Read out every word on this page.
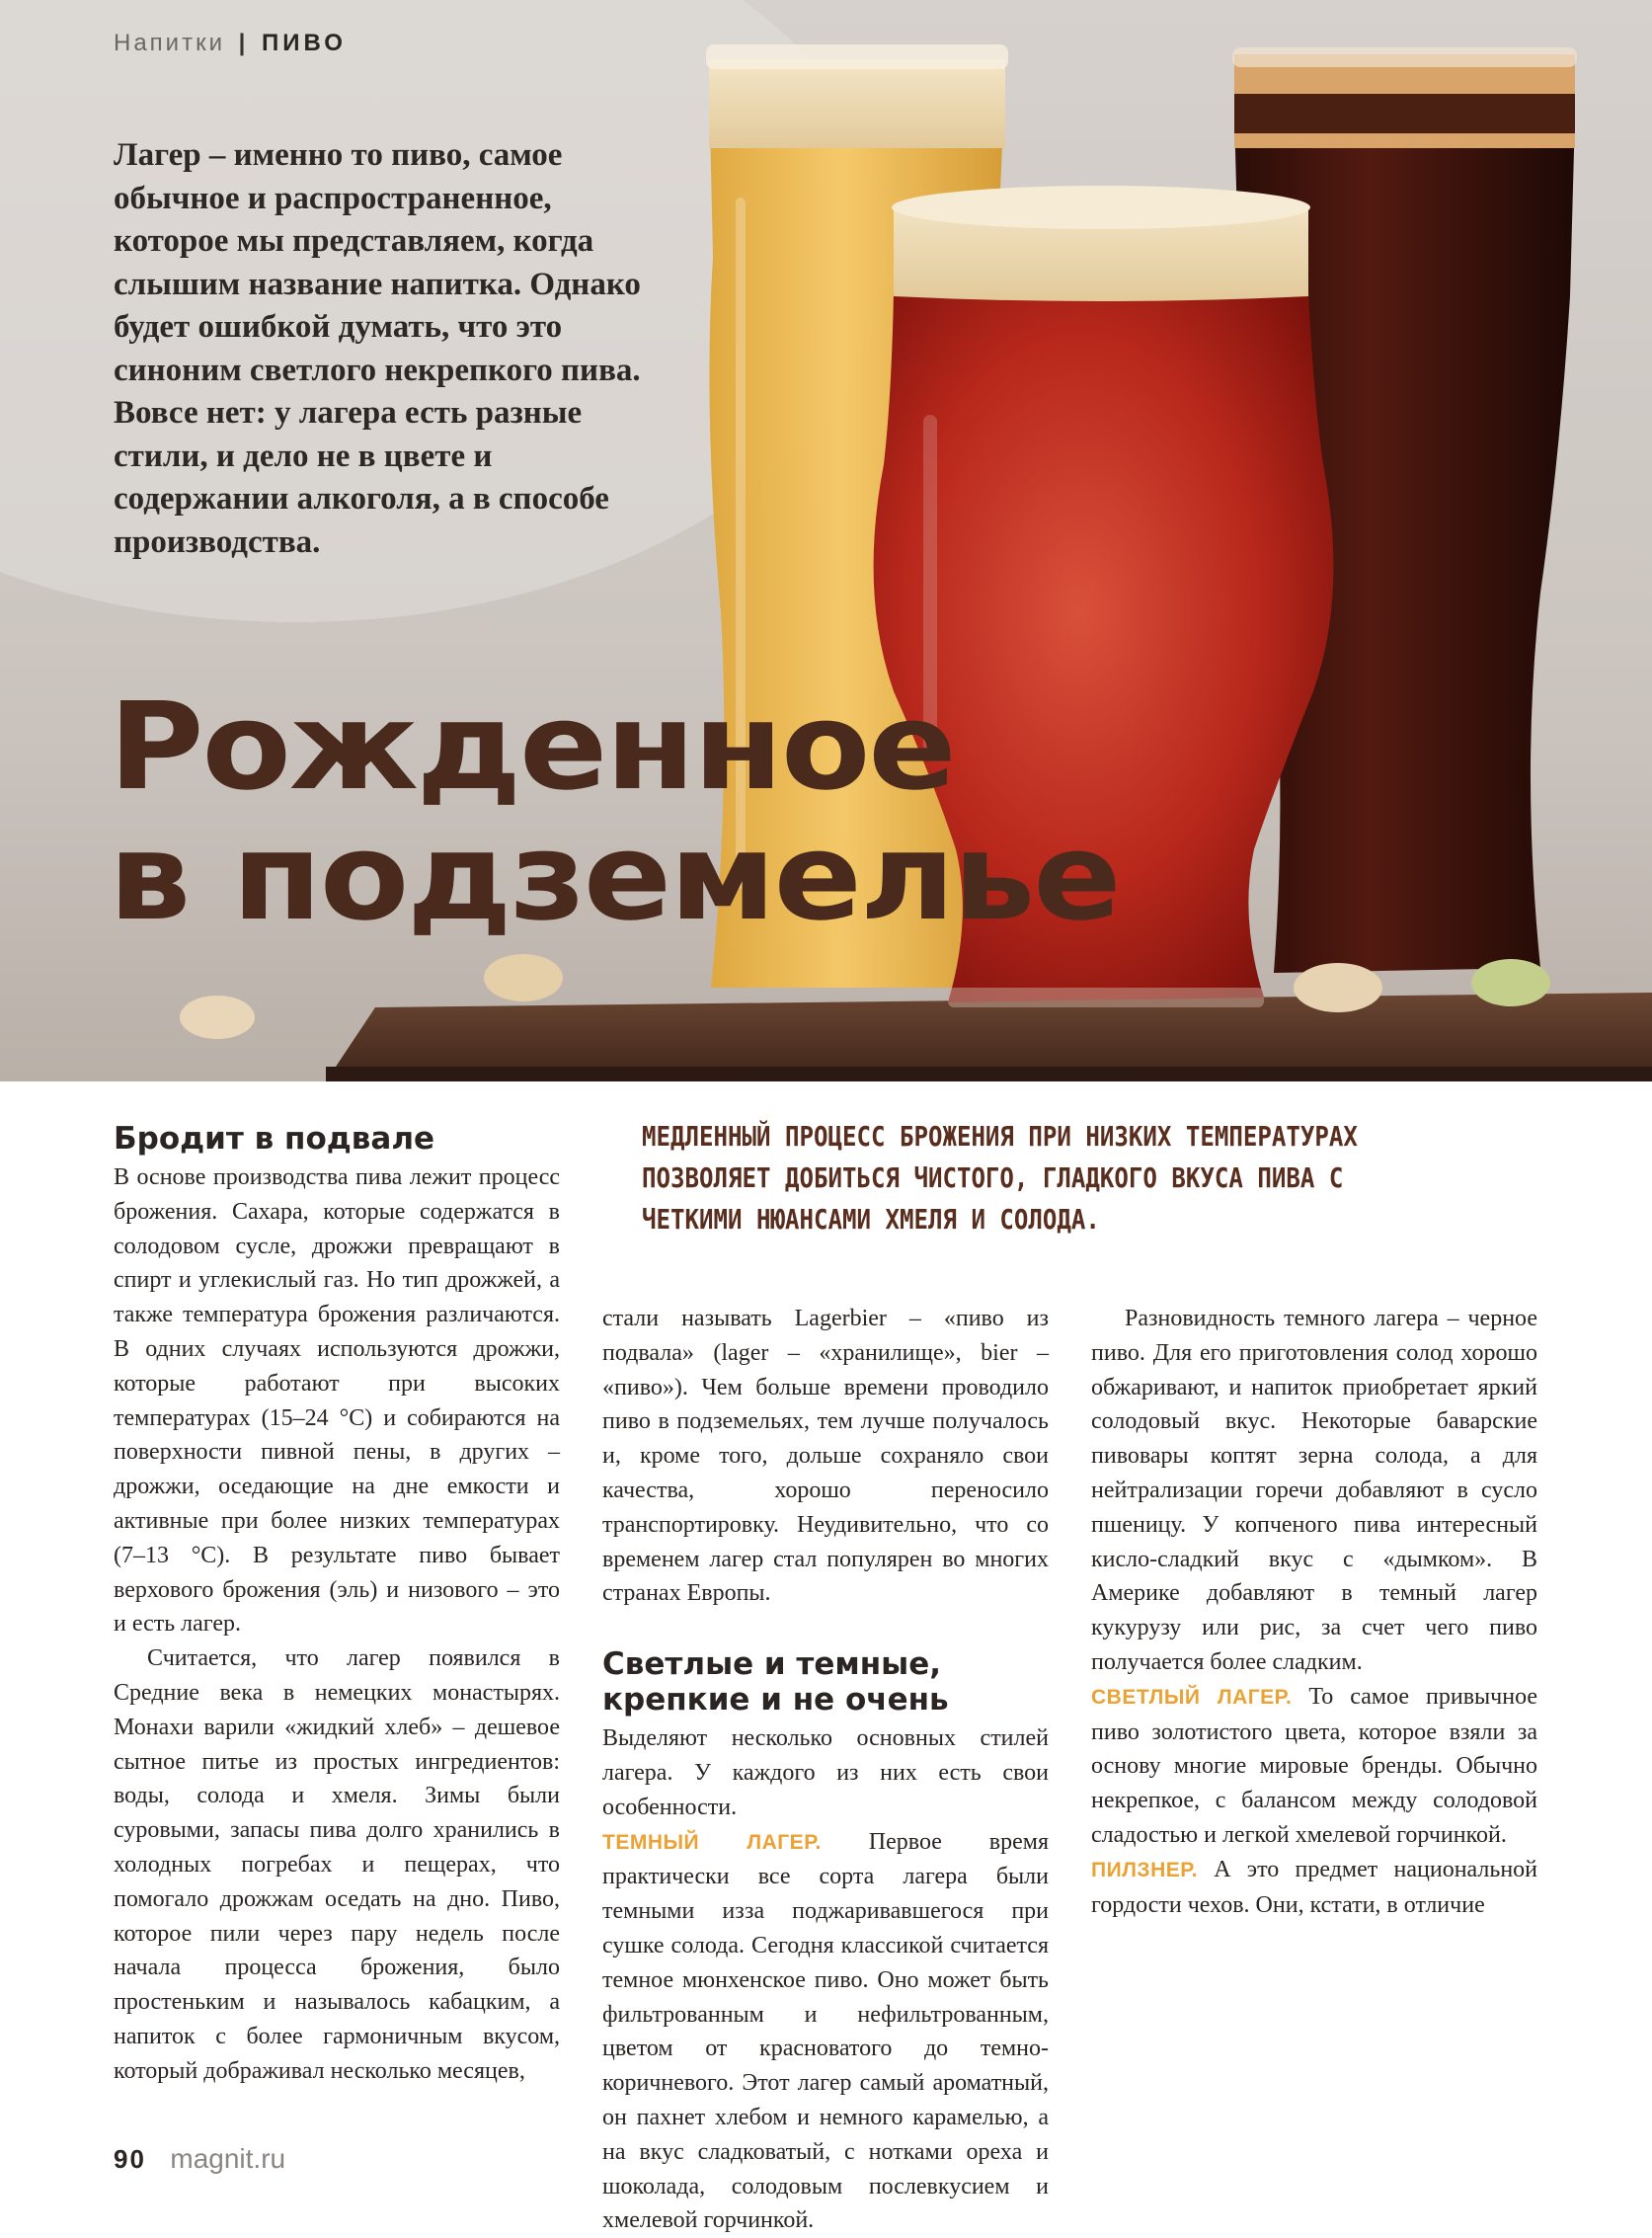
Напитки | ПИВО
Лагер – именно то пиво, самое обычное и распространенное, которое мы представляем, когда слышим название напитка. Однако будет ошибкой думать, что это синоним светлого некрепкого пива. Вовсе нет: у лагера есть разные стили, и дело не в цвете и содержании алкоголя, а в способе производства.
Рожденное
в подземелье
МЕДЛЕННЫЙ ПРОЦЕСС БРОЖЕНИЯ ПРИ НИЗКИХ ТЕМПЕРАТУРАХ ПОЗВОЛЯЕТ ДОБИТЬСЯ ЧИСТОГО, ГЛАДКОГО ВКУСА ПИВА С ЧЕТКИМИ НЮАНСАМИ ХМЕЛЯ И СОЛОДА.
Бродит в подвале

В основе производства пива лежит процесс брожения. Сахара, которые содержатся в солодовом сусле, дрожжи превращают в спирт и углекислый газ. Но тип дрожжей, а также температура брожения различаются. В одних случаях используются дрожжи, которые работают при высоких температурах (15–24 °С) и собираются на поверхности пивной пены, в других – дрожжи, оседающие на дне емкости и активные при более низких температурах (7–13 °С). В результате пиво бывает верхового брожения (эль) и низового – это и есть лагер.

Считается, что лагер появился в Средние века в немецких монастырях. Монахи варили «жидкий хлеб» – дешевое сытное питье из простых ингредиентов: воды, солода и хмеля. Зимы были суровыми, запасы пива долго хранились в холодных погребах и пещерах, что помогало дрожжам оседать на дно. Пиво, которое пили через пару недель после начала процесса брожения, было простеньким и называлось кабацким, а напиток с более гармоничным вкусом, который дображивал несколько месяцев,

стали называть Lagerbier – «пиво из подвала» (lager – «хранилище», bier – «пиво»). Чем больше времени проводило пиво в подземельях, тем лучше получалось и, кроме того, дольше сохраняло свои качества, хорошо переносило транспортировку. Неудивительно, что со временем лагер стал популярен во многих странах Европы.

Светлые и темные, крепкие и не очень

Выделяют несколько основных стилей лагера. У каждого из них есть свои особенности.

ТЕМНЫЙ ЛАГЕР. Первое время практически все сорта лагера были темными изза поджаривавшегося при сушке солода. Сегодня классикой считается темное мюнхенское пиво. Оно может быть фильтрованным и нефильтрованным, цветом от красноватого до темно-коричневого. Этот лагер самый ароматный, он пахнет хлебом и немного карамелью, а на вкус сладковатый, с нотками ореха и шоколада, солодовым послевкусием и хмелевой горчинкой.

Разновидность темного лагера – черное пиво. Для его приготовления солод хорошо обжаривают, и напиток приобретает яркий солодовый вкус. Некоторые баварские пивовары коптят зерна солода, а для нейтрализации горечи добавляют в сусло пшеницу. У копченого пива интересный кисло-сладкий вкус с «дымком». В Америке добавляют в темный лагер кукурузу или рис, за счет чего пиво получается более сладким.

СВЕТЛЫЙ ЛАГЕР. То самое привычное пиво золотистого цвета, которое взяли за основу многие мировые бренды. Обычно некрепкое, с балансом между солодовой сладостью и легкой хмелевой горчинкой.

ПИЛЗНЕР. А это предмет национальной гордости чехов. Они, кстати, в отличие

90 magnit.ru
